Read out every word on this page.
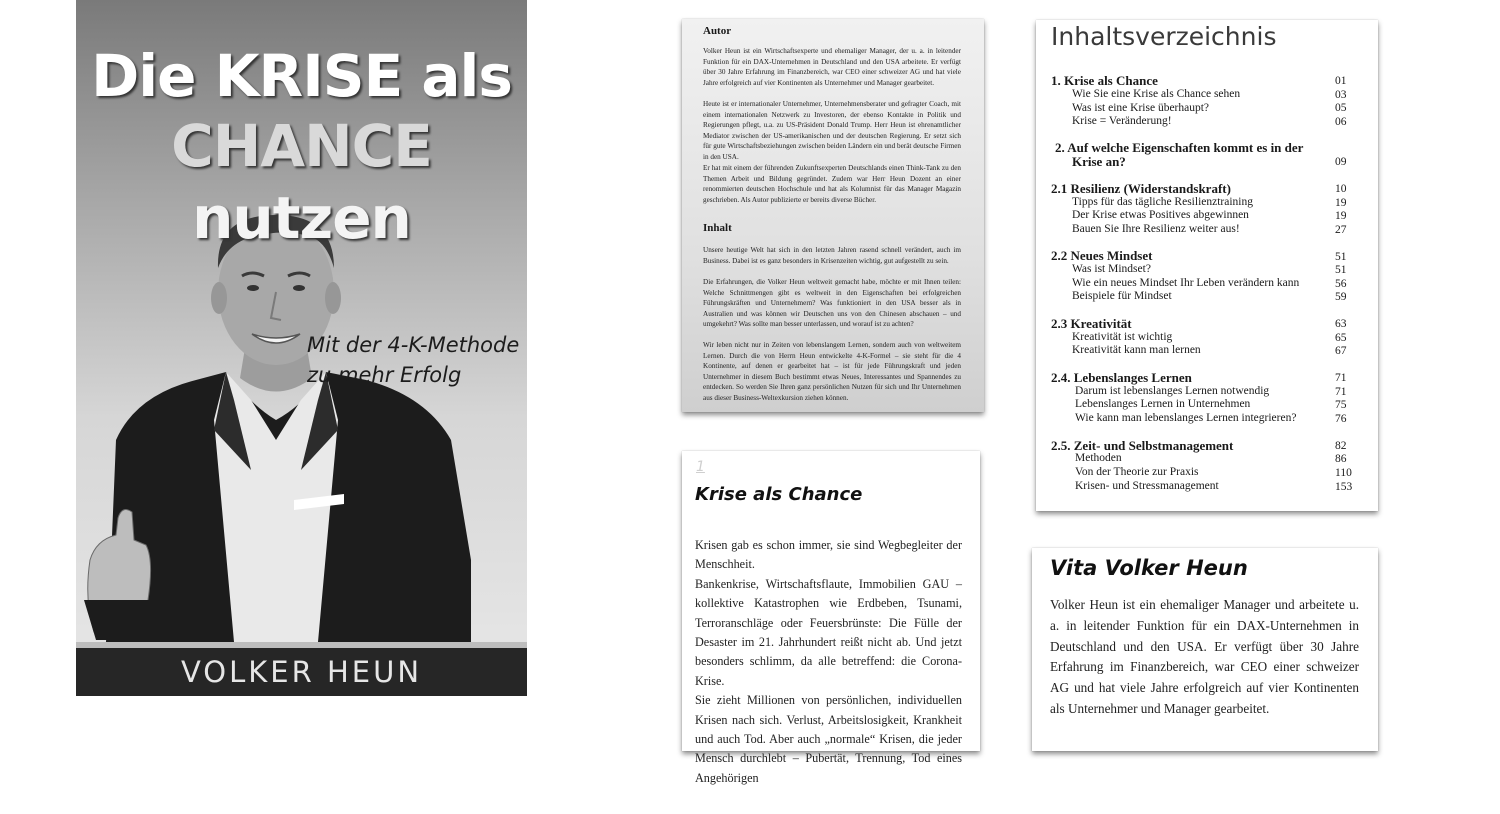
Die KRISE als
CHANCE nutzen
Mit der 4-K-Methode
zu mehr Erfolg
VOLKER HEUN
Autor

Volker Heun ist ein Wirtschaftsexperte und ehemaliger Manager, der u. a. in leitender Funktion für ein DAX-Unternehmen in Deutschland und den USA arbeitete. Er verfügt über 30 Jahre Erfahrung im Finanzbereich, war CEO einer schweizer AG und hat viele Jahre erfolgreich auf vier Kontinenten als Unternehmer und Manager gearbeitet.

Heute ist er internationaler Unternehmer, Unternehmensberater und gefragter Coach, mit einem internationalen Netzwerk zu Investoren, der ebenso Kontakte in Politik und Regierungen pflegt, u.a. zu US-Präsident Donald Trump. Herr Heun ist ehrenamtlicher Mediator zwischen der US-amerikanischen und der deutschen Regierung. Er setzt sich für gute Wirtschaftsbeziehungen zwischen beiden Ländern ein und berät deutsche Firmen in den USA.

Er hat mit einem der führenden Zukunftsexperten Deutschlands einen Think-Tank zu den Themen Arbeit und Bildung gegründet. Zudem war Herr Heun Dozent an einer renommierten deutschen Hochschule und hat als Kolumnist für das Manager Magazin geschrieben. Als Autor publizierte er bereits diverse Bücher.

Inhalt

Unsere heutige Welt hat sich in den letzten Jahren rasend schnell verändert, auch im Business. Dabei ist es ganz besonders in Krisenzeiten wichtig, gut aufgestellt zu sein.

Die Erfahrungen, die Volker Heun weltweit gemacht habe, möchte er mit Ihnen teilen: Welche Schnittmengen gibt es weltweit in den Eigenschaften bei erfolgreichen Führungskräften und Unternehmern? Was funktioniert in den USA besser als in Australien und was können wir Deutschen uns von den Chinesen abschauen – und umgekehrt? Was sollte man besser unterlassen, und worauf ist zu achten?

Wir leben nicht nur in Zeiten von lebenslangem Lernen, sondern auch von weltweitem Lernen. Durch die von Herrn Heun entwickelte 4-K-Formel – sie steht für die 4 Kontinente, auf denen er gearbeitet hat – ist für jede Führungskraft und jeden Unternehmer in diesem Buch bestimmt etwas Neues, Interessantes und Spannendes zu entdecken. So werden Sie Ihren ganz persönlichen Nutzen für sich und Ihr Unternehmen aus dieser Business-Weltexkursion ziehen können.

1
Krise als Chance

Krisen gab es schon immer, sie sind Wegbegleiter der Menschheit.

Bankenkrise, Wirtschaftsflaute, Immobilien GAU – kollektive Katastrophen wie Erdbeben, Tsunami, Terroranschläge oder Feuersbrünste: Die Fülle der Desaster im 21. Jahrhundert reißt nicht ab. Und jetzt besonders schlimm, da alle betreffend: die Corona-Krise.

Sie zieht Millionen von persönlichen, individuellen Krisen nach sich. Verlust, Arbeitslosigkeit, Krankheit und auch Tod. Aber auch „normale“ Krisen, die jeder Mensch durchlebt – Pubertät, Trennung, Tod eines Angehörigen

Inhaltsverzeichnis
1. Krise als Chance	01
Wie Sie eine Krise als Chance sehen	03
Was ist eine Krise überhaupt?	05
Krise = Veränderung!	06
2. Auf welche Eigenschaften kommt es in der
Krise an?	09
2.1 Resilienz (Widerstandskraft)	10
Tipps für das tägliche Resilienztraining	19
Der Krise etwas Positives abgewinnen	19
Bauen Sie Ihre Resilienz weiter aus!	27
2.2 Neues Mindset	51
Was ist Mindset?	51
Wie ein neues Mindset Ihr Leben verändern kann	56
Beispiele für Mindset	59
2.3 Kreativität	63
Kreativität ist wichtig	65
Kreativität kann man lernen	67
2.4. Lebenslanges Lernen	71
Darum ist lebenslanges Lernen notwendig	71
Lebenslanges Lernen in Unternehmen	75
Wie kann man lebenslanges Lernen integrieren?	76
2.5. Zeit- und Selbstmanagement	82
Methoden	86
Von der Theorie zur Praxis	110
Krisen- und Stressmanagement	153
Vita Volker Heun

Volker Heun ist ein ehemaliger Manager und arbeitete u. a. in leitender Funktion für ein DAX-Unternehmen in Deutschland und den USA. Er verfügt über 30 Jahre Erfahrung im Finanzbereich, war CEO einer schweizer AG und hat viele Jahre erfolgreich auf vier Kontinenten als Unternehmer und Manager gearbeitet.
